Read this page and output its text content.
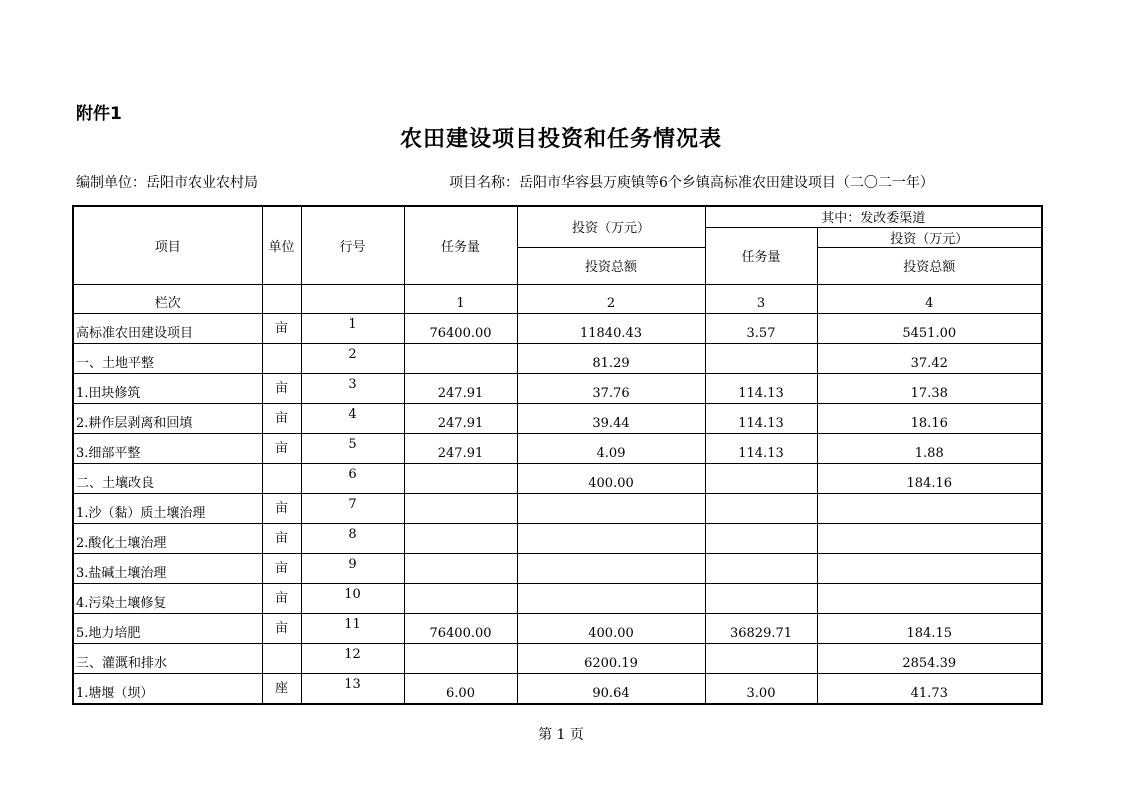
附件1
农田建设项目投资和任务情况表
编制单位：岳阳市农业农村局	项目名称：岳阳市华容县万庾镇等6个乡镇高标准农田建设项目（二〇二一年）
项目	单位	行号	任务量	投资（万元）	其中：发改委渠道	
					任务量	投资（万元）
				投资总额		投资总额
栏次			1	2	3	4
高标准农田建设项目	亩	1	76400.00	11840.43	3.57	5451.00
一、土地平整		2		81.29		37.42
1.田块修筑	亩	3	247.91	37.76	114.13	17.38
2.耕作层剥离和回填	亩	4	247.91	39.44	114.13	18.16
3.细部平整	亩	5	247.91	4.09	114.13	1.88
二、土壤改良		6		400.00		184.16
1.沙（黏）质土壤治理	亩	7				
2.酸化土壤治理	亩	8				
3.盐碱土壤治理	亩	9				
4.污染土壤修复	亩	10				
5.地力培肥	亩	11	76400.00	400.00	36829.71	184.15
三、灌溉和排水		12		6200.19		2854.39
1.塘堰（坝）	座	13	6.00	90.64	3.00	41.73
第 1 页
